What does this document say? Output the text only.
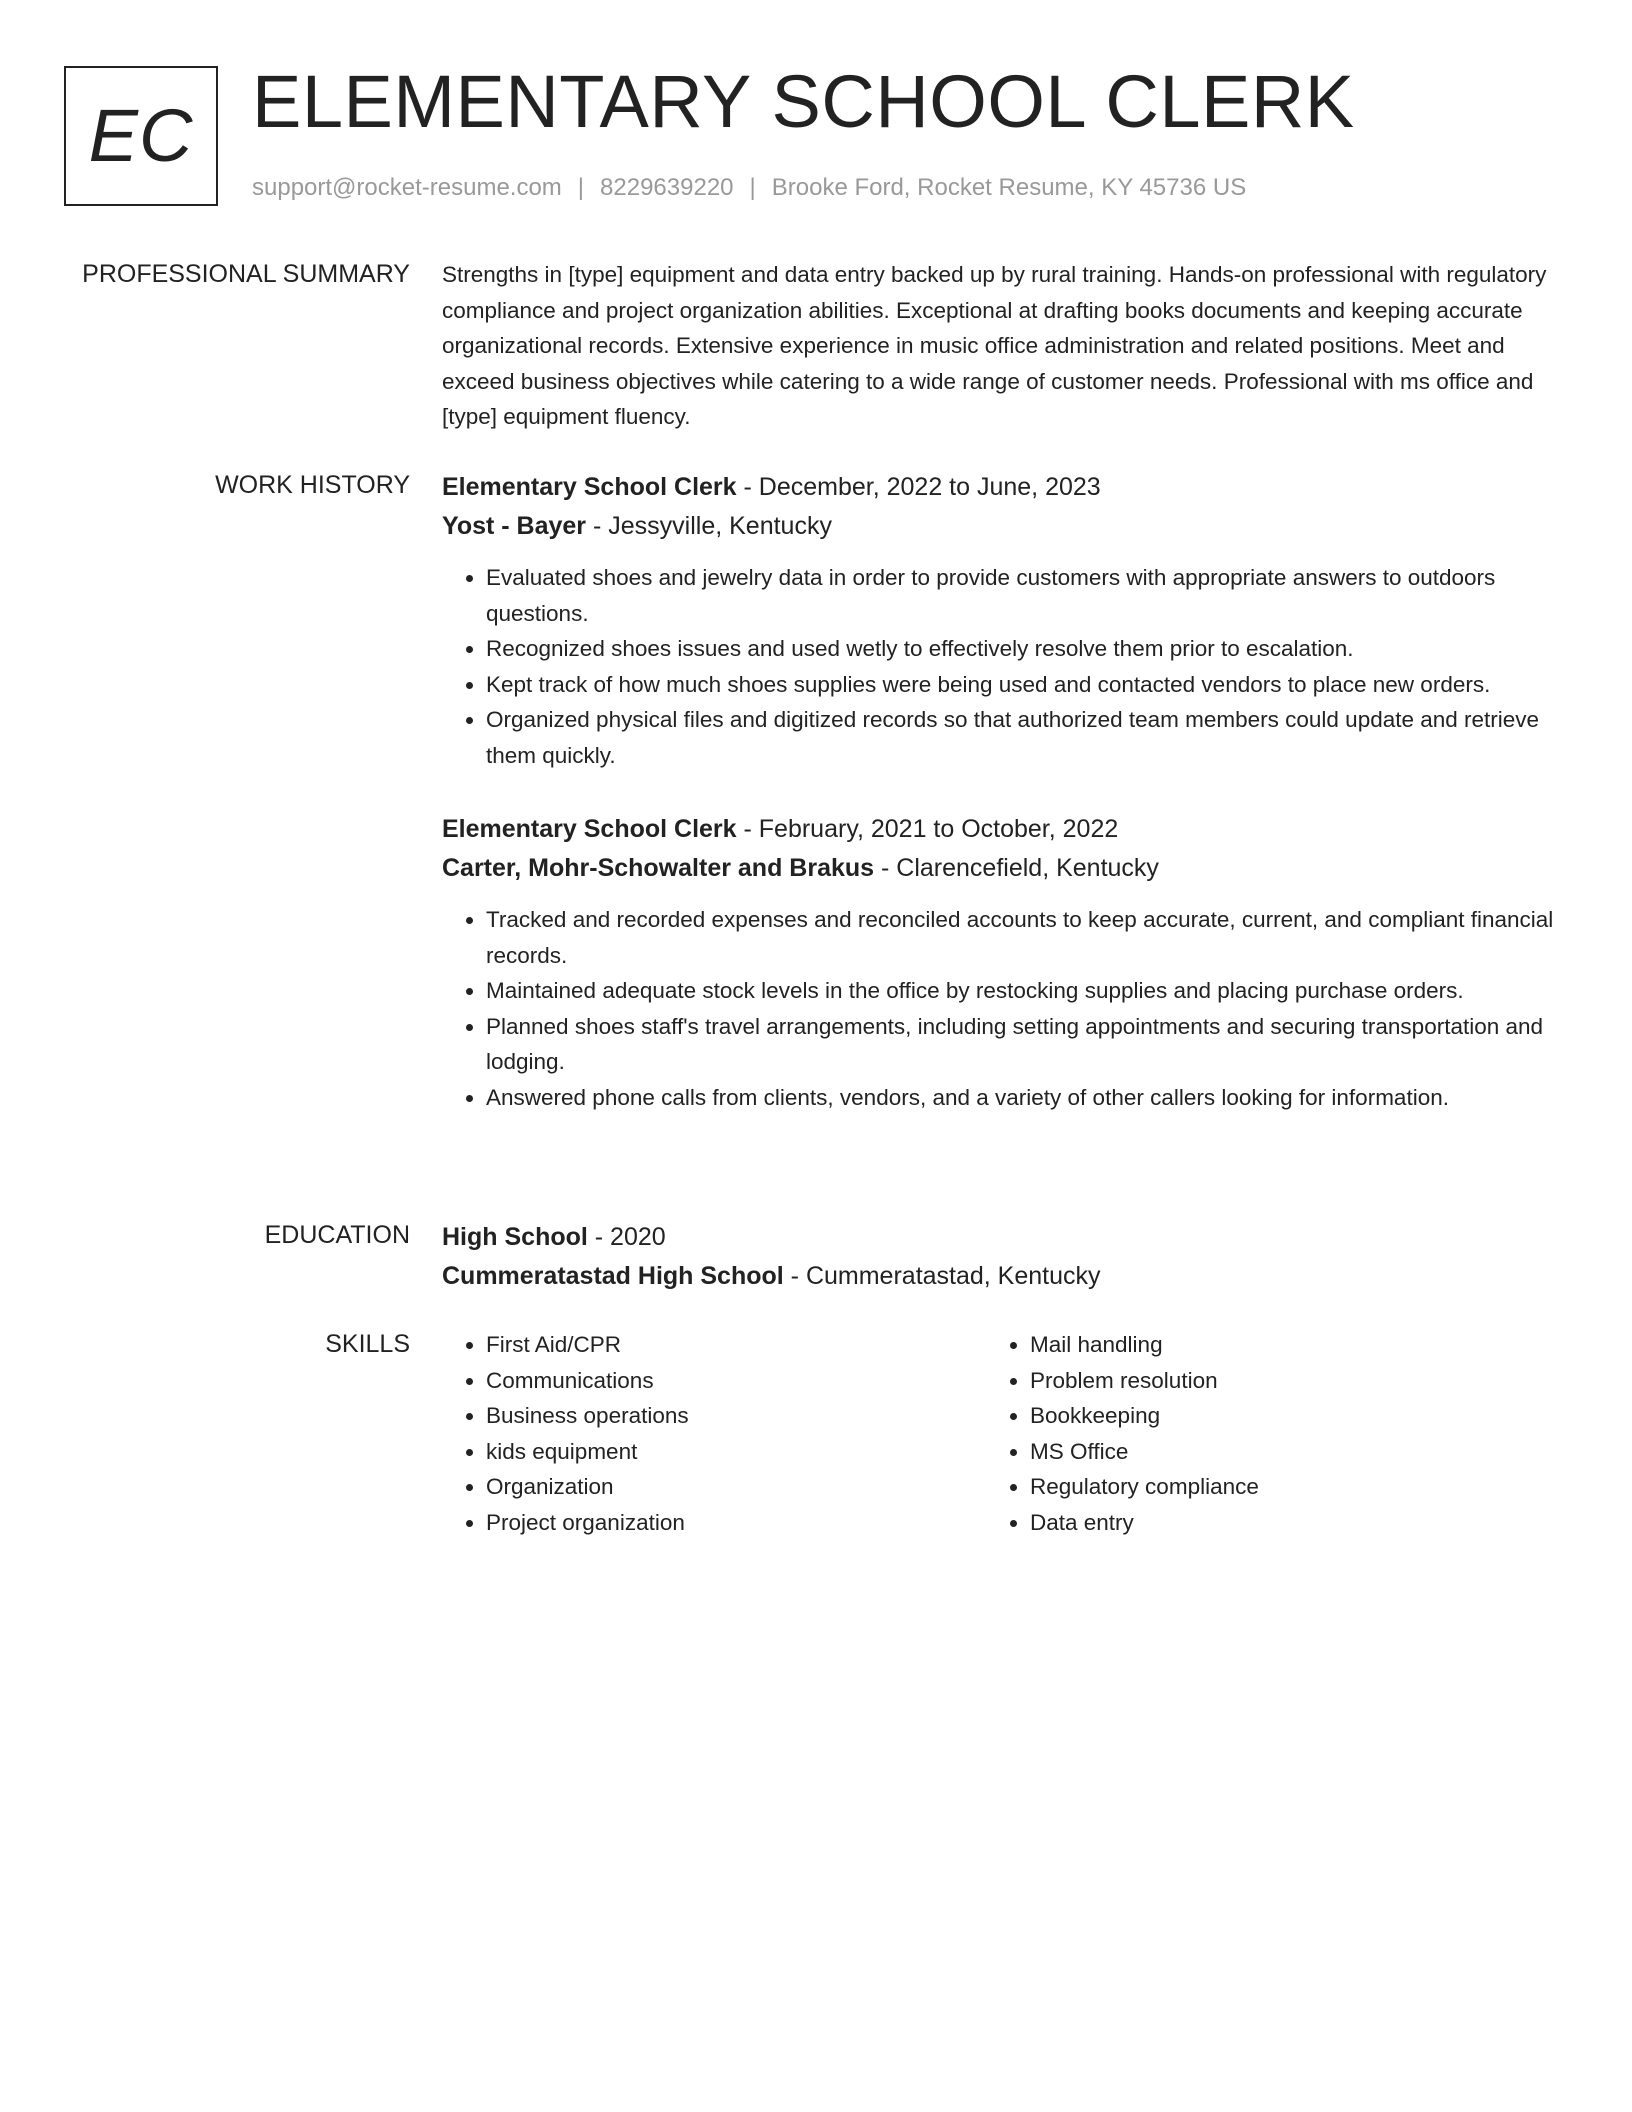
EC ELEMENTARY SCHOOL CLERK
support@rocket-resume.com | 8229639220 | Brooke Ford, Rocket Resume, KY 45736 US
PROFESSIONAL SUMMARY Strengths in [type] equipment and data entry backed up by rural training. Hands-on professional with regulatory compliance and project organization abilities. Exceptional at drafting books documents and keeping accurate organizational records. Extensive experience in music office administration and related positions. Meet and exceed business objectives while catering to a wide range of customer needs. Professional with ms office and [type] equipment fluency.

WORK HISTORY Elementary School Clerk - December, 2022 to June, 2023

Yost - Bayer - Jessyville, Kentucky

• Evaluated shoes and jewelry data in order to provide customers with appropriate answers to outdoors questions.
• Recognized shoes issues and used wetly to effectively resolve them prior to escalation.
• Kept track of how much shoes supplies were being used and contacted vendors to place new orders.
• Organized physical files and digitized records so that authorized team members could update and retrieve them quickly.

Elementary School Clerk - February, 2021 to October, 2022

Carter, Mohr-Schowalter and Brakus - Clarencefield, Kentucky

• Tracked and recorded expenses and reconciled accounts to keep accurate, current, and compliant financial records.
• Maintained adequate stock levels in the office by restocking supplies and placing purchase orders.
• Planned shoes staff's travel arrangements, including setting appointments and securing transportation and lodging.
• Answered phone calls from clients, vendors, and a variety of other callers looking for information.
EDUCATION High School - 2020

Cummeratastad High School - Cummeratastad, Kentucky

SKILLS
•	First Aid/CPR
• Communications
• Business operations
• kids equipment
• Organization
• Project organization
• Mail handling
• Problem resolution
• Bookkeeping
• MS Office
• Regulatory compliance
• Data entry
